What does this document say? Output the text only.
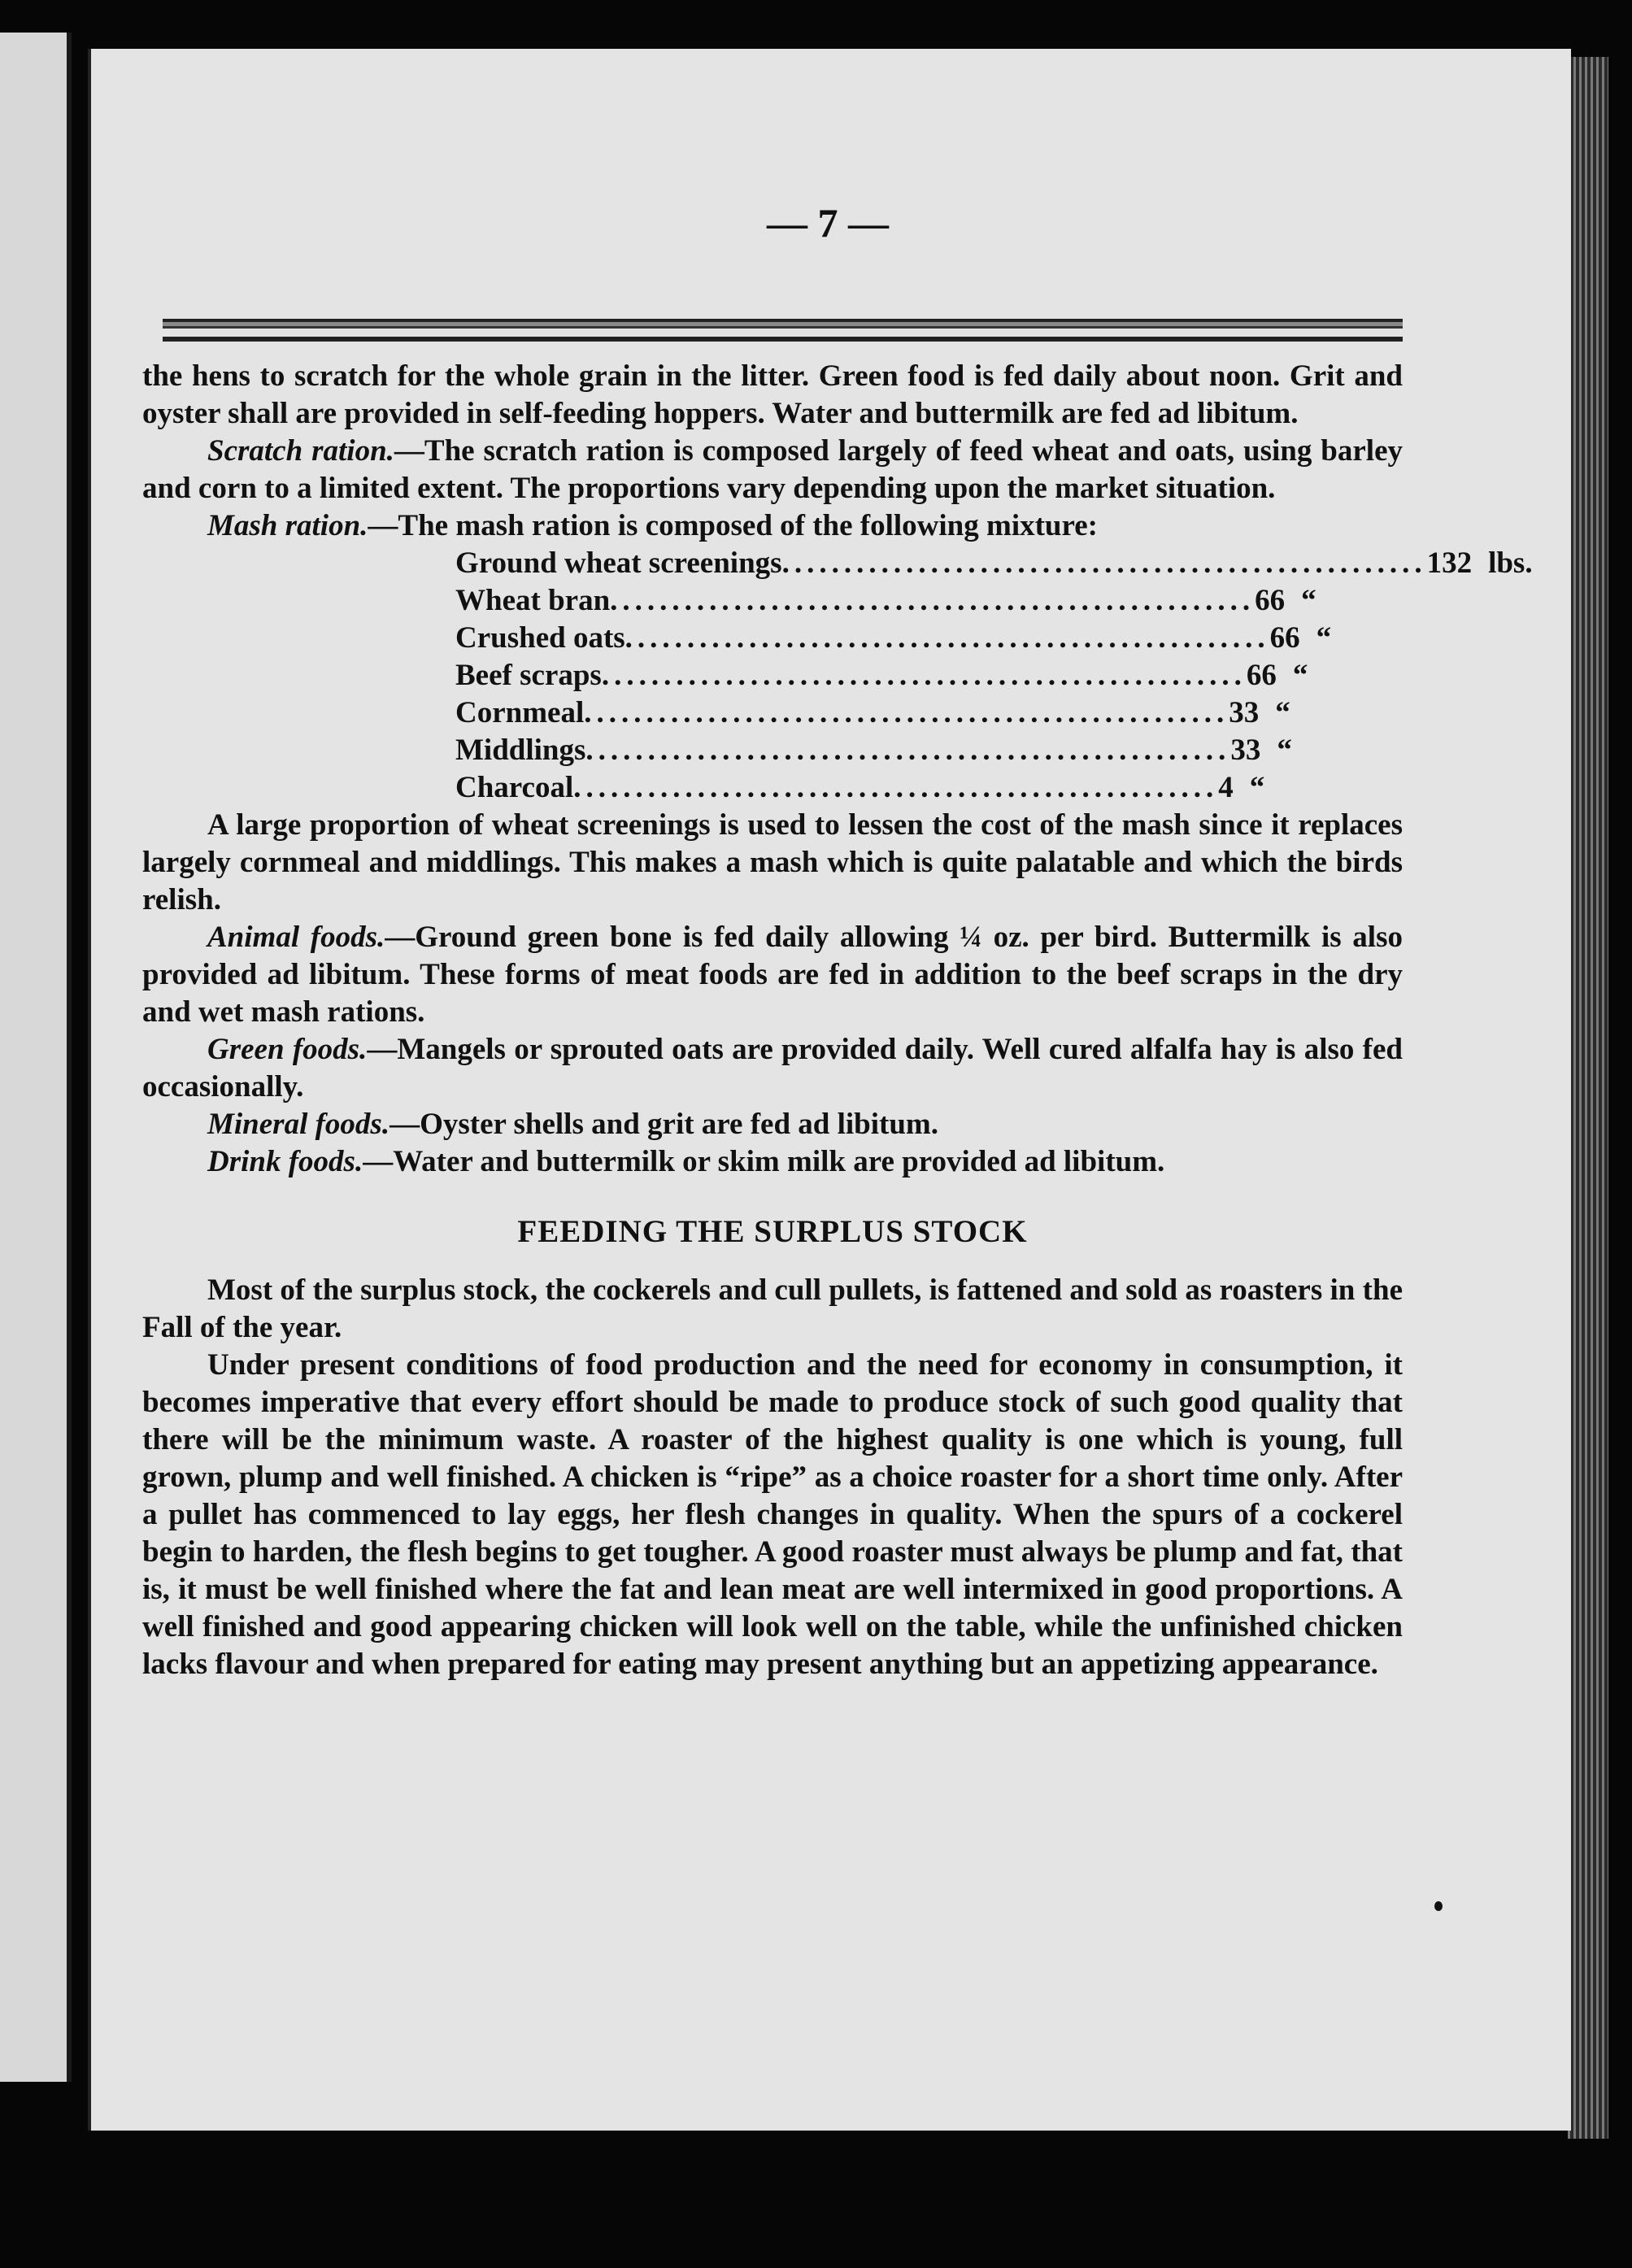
— 7 —

the hens to scratch for the whole grain in the litter. Green food is fed daily about noon. Grit and oyster shall are provided in self-feeding hoppers. Water and buttermilk are fed ad libitum.

Scratch ration.—The scratch ration is composed largely of feed wheat and oats, using barley and corn to a limited extent. The proportions vary depending upon the market situation.

Mash ration.—The mash ration is composed of the following mixture:

Ground wheat screenings .................................................... 132 lbs.
Wheat bran .................................................... 66 “
Crushed oats .................................................... 66 “
Beef scraps .................................................... 66 “
Cornmeal .................................................... 33 “
Middlings .................................................... 33 “
Charcoal .................................................... 4 “

A large proportion of wheat screenings is used to lessen the cost of the mash since it replaces largely cornmeal and middlings. This makes a mash which is quite palatable and which the birds relish.

Animal foods.—Ground green bone is fed daily allowing ¼ oz. per bird. Buttermilk is also provided ad libitum. These forms of meat foods are fed in addition to the beef scraps in the dry and wet mash rations.

Green foods.—Mangels or sprouted oats are provided daily. Well cured alfalfa hay is also fed occasionally.

Mineral foods.—Oyster shells and grit are fed ad libitum.

Drink foods.—Water and buttermilk or skim milk are provided ad libitum.

FEEDING THE SURPLUS STOCK

Most of the surplus stock, the cockerels and cull pullets, is fattened and sold as roasters in the Fall of the year.

Under present conditions of food production and the need for economy in consumption, it becomes imperative that every effort should be made to produce stock of such good quality that there will be the minimum waste. A roaster of the highest quality is one which is young, full grown, plump and well finished. A chicken is “ripe” as a choice roaster for a short time only. After a pullet has commenced to lay eggs, her flesh changes in quality. When the spurs of a cockerel begin to harden, the flesh begins to get tougher. A good roaster must always be plump and fat, that is, it must be well finished where the fat and lean meat are well intermixed in good proportions. A well finished and good appearing chicken will look well on the table, while the unfinished chicken lacks flavour and when prepared for eating may present anything but an appetizing appearance.
